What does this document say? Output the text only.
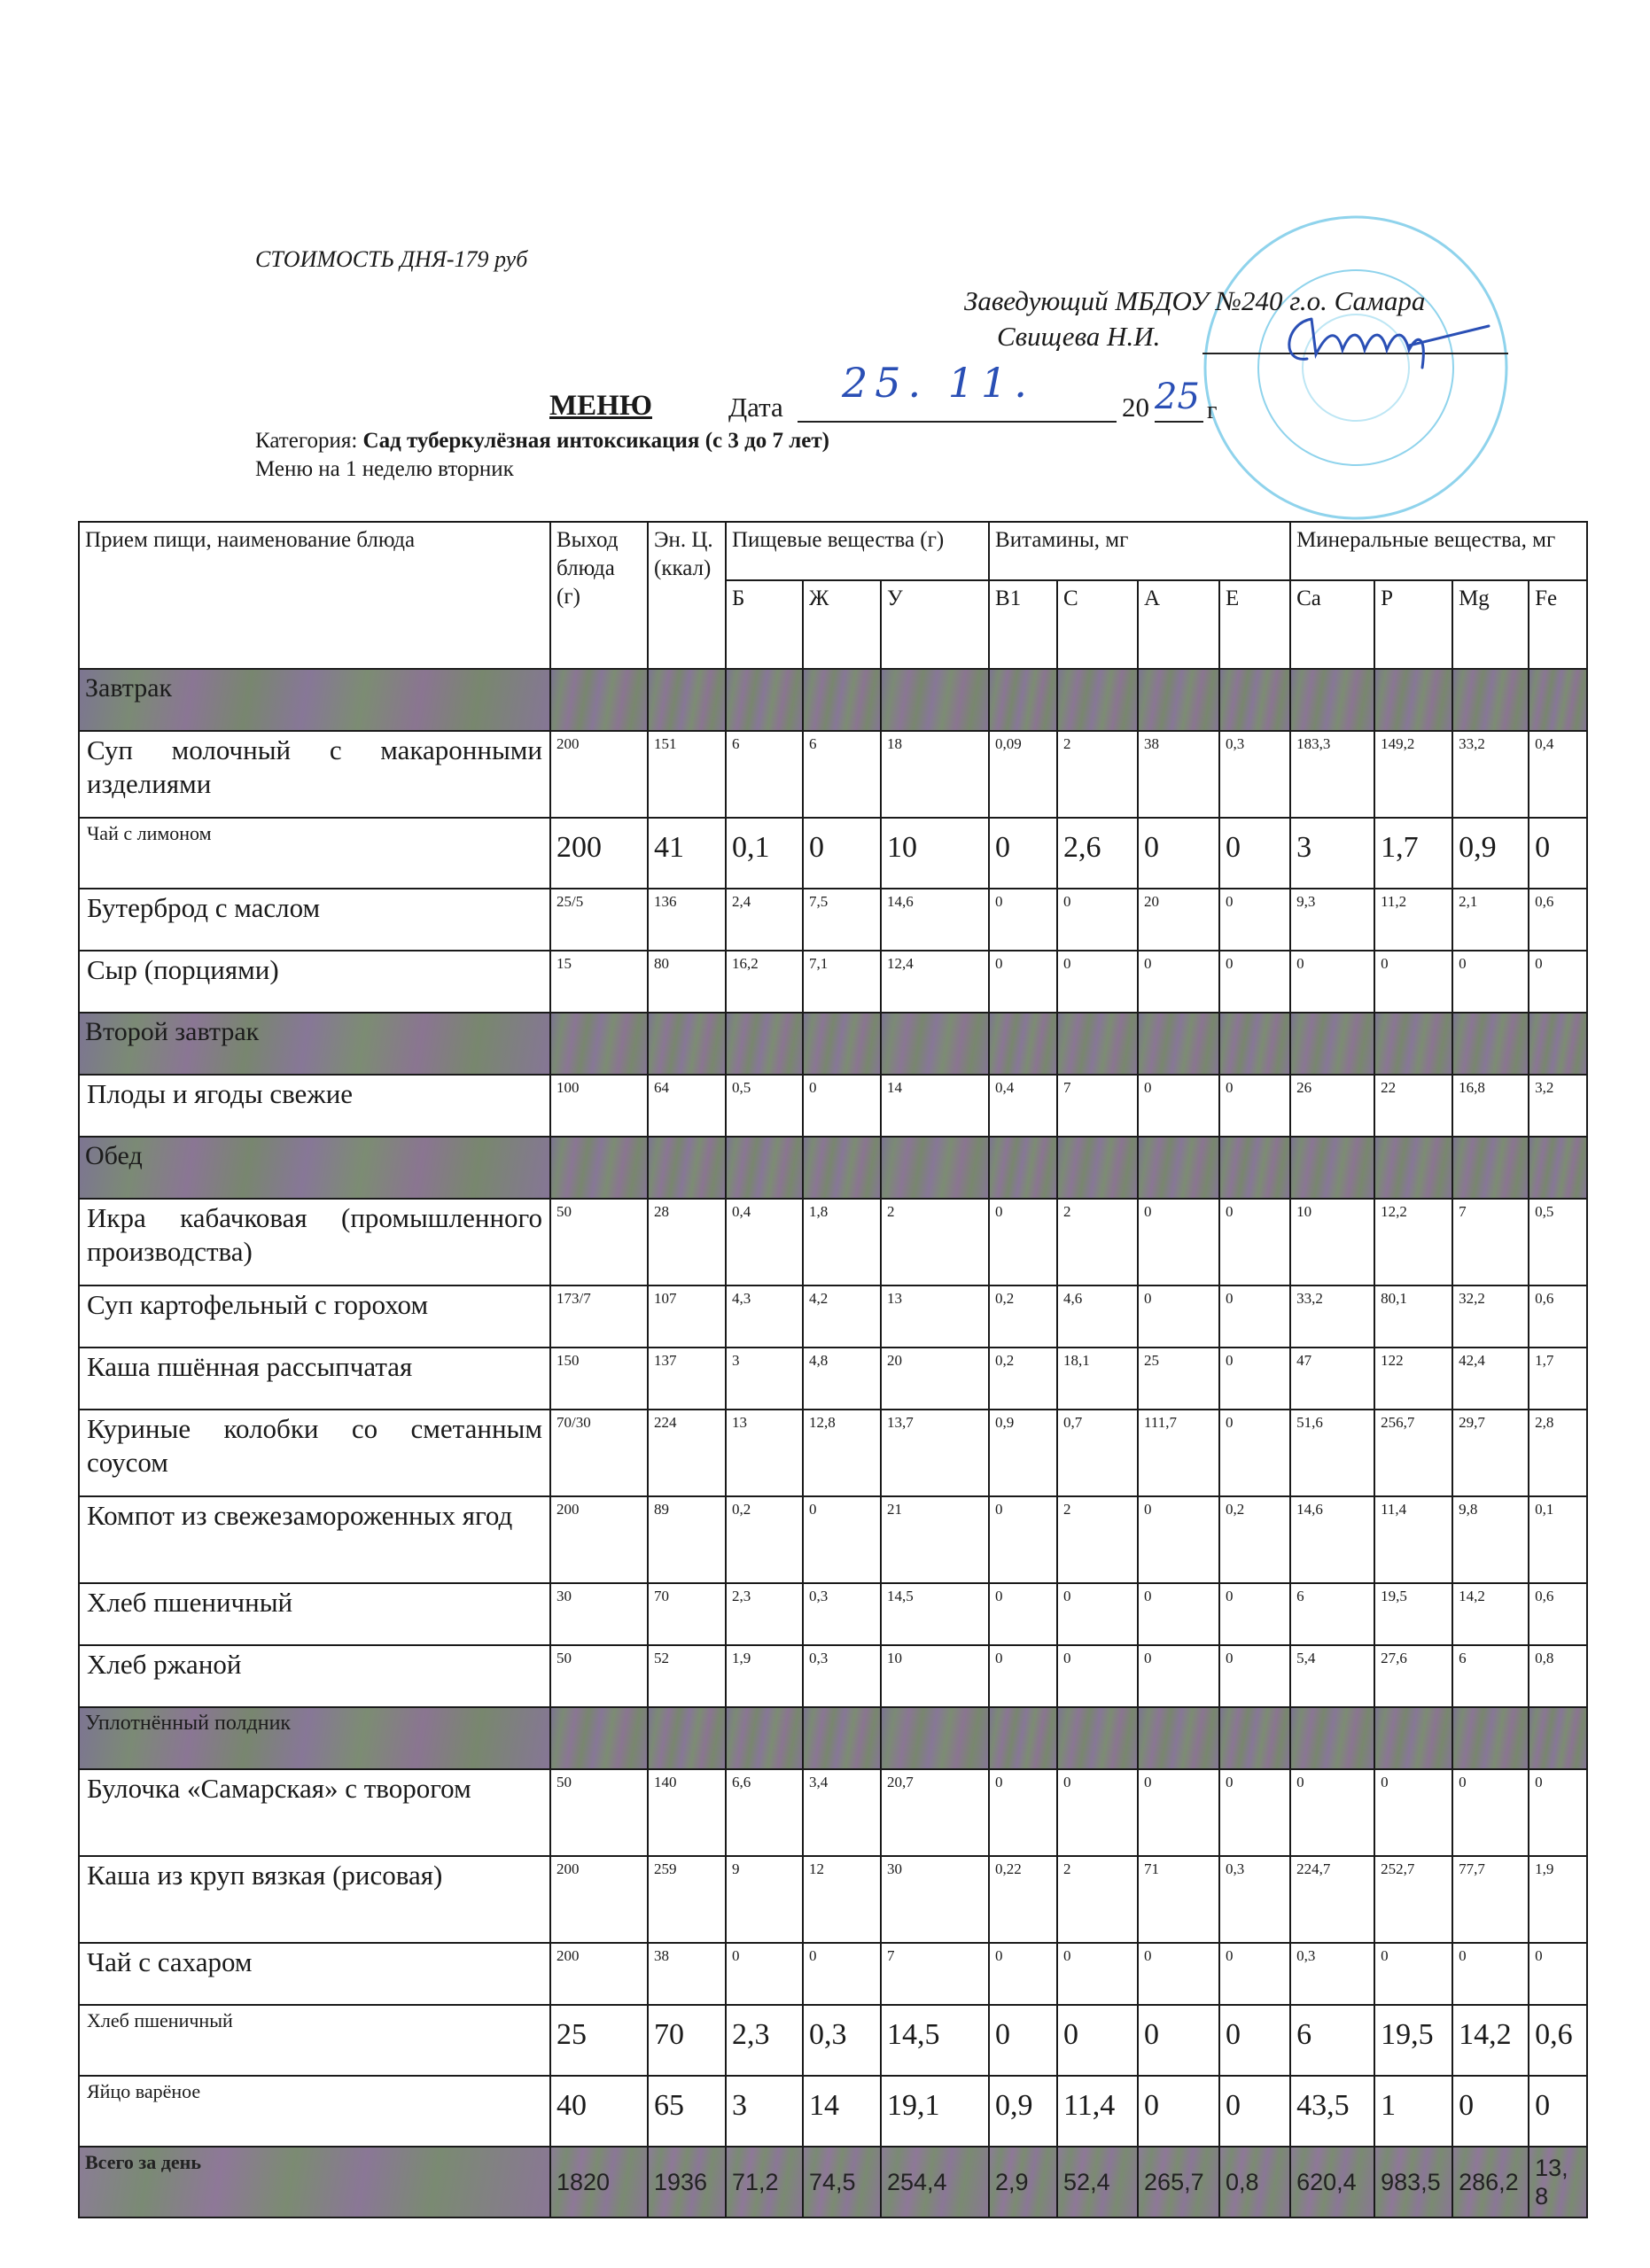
СТОИМОСТЬ ДНЯ-179 руб
Заведующий МБДОУ №240 г.о. Самара
Свищева Н.И.
МЕНЮ	Дата
25. 11.
20 25 г
Категория: Сад туберкулёзная интоксикация (с 3 до 7 лет)
Меню на 1 неделю вторник
Прием пищи, наименование блюда	Выход блюда (г)	Эн. Ц. (ккал)	Пищевые вещества (г)			Витамины, мг				Минеральные вещества, мг			
			Б	Ж	У	B1	C	A	E	Ca	P	Mg	Fe
Завтрак													
Суп молочный с макаронными изделиями	200	151	6	6	18	0,09	2	38	0,3	183,3	149,2	33,2	0,4
Чай с лимоном	200	41	0,1	0	10	0	2,6	0	0	3	1,7	0,9	0
Бутерброд с маслом	25/5	136	2,4	7,5	14,6	0	0	20	0	9,3	11,2	2,1	0,6
Сыр (порциями)	15	80	16,2	7,1	12,4	0	0	0	0	0	0	0	0
Второй завтрак													
Плоды и ягоды свежие	100	64	0,5	0	14	0,4	7	0	0	26	22	16,8	3,2
Обед													
Икра кабачковая (промышленного производства)	50	28	0,4	1,8	2	0	2	0	0	10	12,2	7	0,5
Суп картофельный с горохом	173/7	107	4,3	4,2	13	0,2	4,6	0	0	33,2	80,1	32,2	0,6
Каша пшённая рассыпчатая	150	137	3	4,8	20	0,2	18,1	25	0	47	122	42,4	1,7
Куриные колобки со сметанным соусом	70/30	224	13	12,8	13,7	0,9	0,7	111,7	0	51,6	256,7	29,7	2,8
Компот из свежезамороженных ягод	200	89	0,2	0	21	0	2	0	0,2	14,6	11,4	9,8	0,1
Хлеб пшеничный	30	70	2,3	0,3	14,5	0	0	0	0	6	19,5	14,2	0,6
Хлеб ржаной	50	52	1,9	0,3	10	0	0	0	0	5,4	27,6	6	0,8
Уплотнённый полдник													
Булочка «Самарская» с творогом	50	140	6,6	3,4	20,7	0	0	0	0	0	0	0	0
Каша из круп вязкая (рисовая)	200	259	9	12	30	0,22	2	71	0,3	224,7	252,7	77,7	1,9
Чай с сахаром	200	38	0	0	7	0	0	0	0	0,3	0	0	0
Хлеб пшеничный	25	70	2,3	0,3	14,5	0	0	0	0	6	19,5	14,2	0,6
Яйцо варёное	40	65	3	14	19,1	0,9	11,4	0	0	43,5	1	0	0
Всего за день	1820	1936	71,2	74,5	254,4	2,9	52,4	265,7	0,8	620,4	983,5	286,2	13,8
